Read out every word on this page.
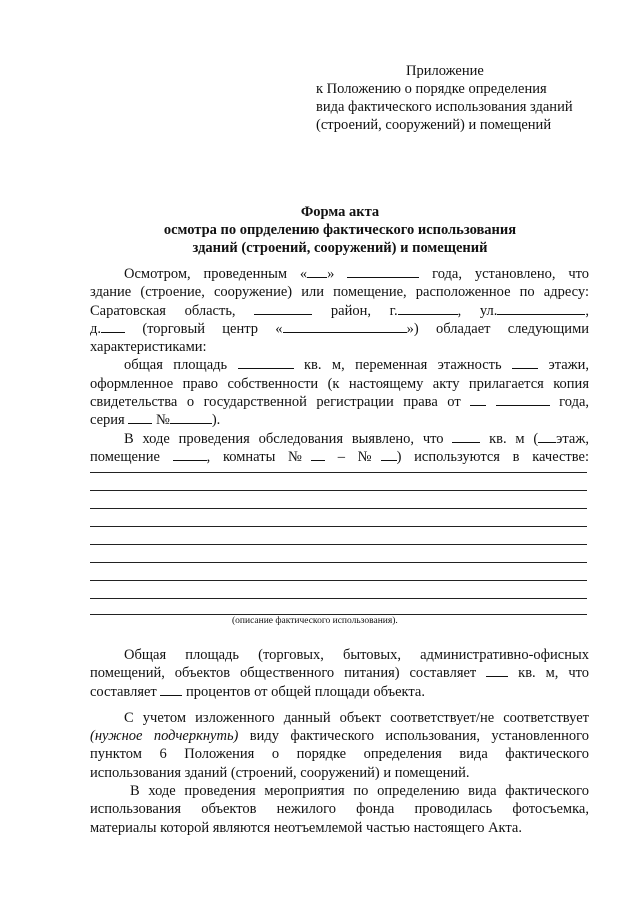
Приложение
к Положению о порядке определения
вида фактического использования зданий
(строений, сооружений) и помещений
Форма акта
осмотра по опрделению фактического использования
зданий (строений, сооружений) и помещений

Осмотром, проведенным « »	года, установлено, что

здание (строение, сооружение) или помещение, расположенное по адресу:

Саратовская область,	район, г.	, ул.	,

д.	(торговый центр «	») обладает следующими

характеристиками:

общая площадь	кв. м, переменная этажность	этажи,

оформленное право собственности (к настоящему акту прилагается копия

свидетельства о государственной регистрации права от	года,

серия №	).

В ходе проведения обследования выявлено, что	кв. м ( этаж,

помещение	, комнаты № – № ) используются в качестве:

(описание фактического использования).

Общая площадь (торговых, бытовых, административно-офисных

помещений, объектов общественного питания) составляет	кв. м, что

составляет процентов от общей площади объекта.

С учетом изложенного данный объект соответствует/не соответствует

(нужное подчеркнуть) виду фактического использования, установленного

пунктом 6 Положения о порядке определения вида фактического

использования зданий (строений, сооружений) и помещений.

В ходе проведения мероприятия по определению вида фактического

использования объектов нежилого фонда проводилась фотосъемка,

материалы которой являются неотъемлемой частью настоящего Акта.
